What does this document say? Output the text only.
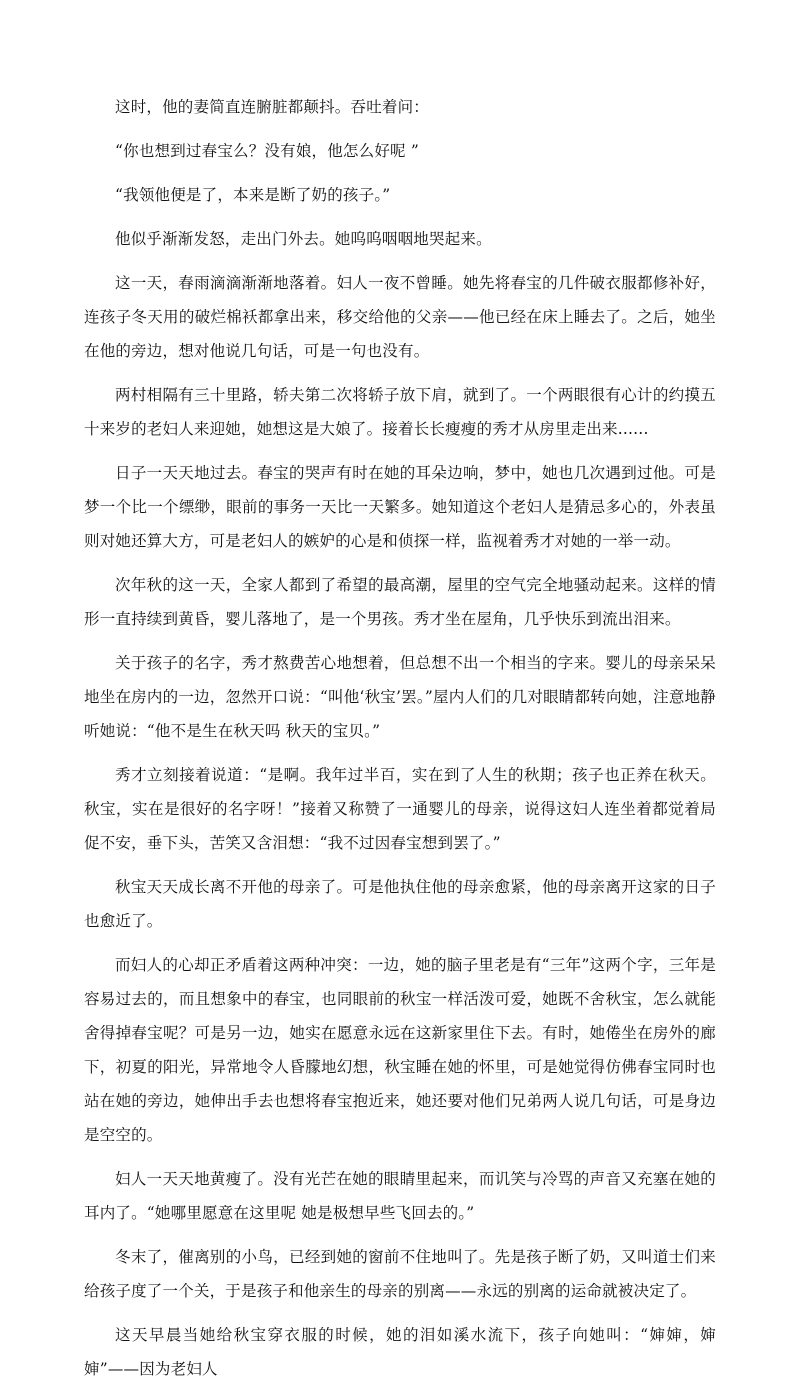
这时，他的妻简直连腑脏都颠抖。吞吐着问：

“你也想到过春宝么？没有娘，他怎么好呢 ”

“我领他便是了，本来是断了奶的孩子。”

他似乎渐渐发怒，走出门外去。她呜呜咽咽地哭起来。

这一天，春雨滴滴渐渐地落着。妇人一夜不曾睡。她先将春宝的几件破衣服都修补好，连孩子冬天用的破烂棉袄都拿出来，移交给他的父亲——他已经在床上睡去了。之后，她坐在他的旁边，想对他说几句话，可是一句也没有。

两村相隔有三十里路，轿夫第二次将轿子放下肩，就到了。一个两眼很有心计的约摸五十来岁的老妇人来迎她，她想这是大娘了。接着长长瘦瘦的秀才从房里走出来......

日子一天天地过去。春宝的哭声有时在她的耳朵边响，梦中，她也几次遇到过他。可是梦一个比一个缥缈，眼前的事务一天比一天繁多。她知道这个老妇人是猜忌多心的，外表虽则对她还算大方，可是老妇人的嫉妒的心是和侦探一样，监视着秀才对她的一举一动。

次年秋的这一天，全家人都到了希望的最高潮，屋里的空气完全地骚动起来。这样的情形一直持续到黄昏，婴儿落地了，是一个男孩。秀才坐在屋角，几乎快乐到流出泪来。

关于孩子的名字，秀才熬费苦心地想着，但总想不出一个相当的字来。婴儿的母亲呆呆地坐在房内的一边，忽然开口说：“叫他‘秋宝’罢。”屋内人们的几对眼睛都转向她，注意地静听她说：“他不是生在秋天吗 秋天的宝贝。”

秀才立刻接着说道：“是啊。我年过半百，实在到了人生的秋期；孩子也正养在秋天。秋宝，实在是很好的名字呀！”接着又称赞了一通婴儿的母亲，说得这妇人连坐着都觉着局促不安，垂下头，苦笑又含泪想：“我不过因春宝想到罢了。”

秋宝天天成长离不开他的母亲了。可是他执住他的母亲愈紧，他的母亲离开这家的日子也愈近了。

而妇人的心却正矛盾着这两种冲突：一边，她的脑子里老是有“三年”这两个字，三年是容易过去的，而且想象中的春宝，也同眼前的秋宝一样活泼可爱，她既不舍秋宝，怎么就能舍得掉春宝呢？可是另一边，她实在愿意永远在这新家里住下去。有时，她倦坐在房外的廊下，初夏的阳光，异常地令人昏朦地幻想，秋宝睡在她的怀里，可是她觉得仿佛春宝同时也站在她的旁边，她伸出手去也想将春宝抱近来，她还要对他们兄弟两人说几句话，可是身边是空空的。

妇人一天天地黄瘦了。没有光芒在她的眼睛里起来，而讥笑与冷骂的声音又充塞在她的耳内了。“她哪里愿意在这里呢 她是极想早些飞回去的。”

冬末了，催离别的小鸟，已经到她的窗前不住地叫了。先是孩子断了奶，又叫道士们来给孩子度了一个关，于是孩子和他亲生的母亲的别离——永远的别离的运命就被决定了。

这天早晨当她给秋宝穿衣服的时候，她的泪如溪水流下，孩子向她叫：“婶婶，婶婶”——因为老妇人
